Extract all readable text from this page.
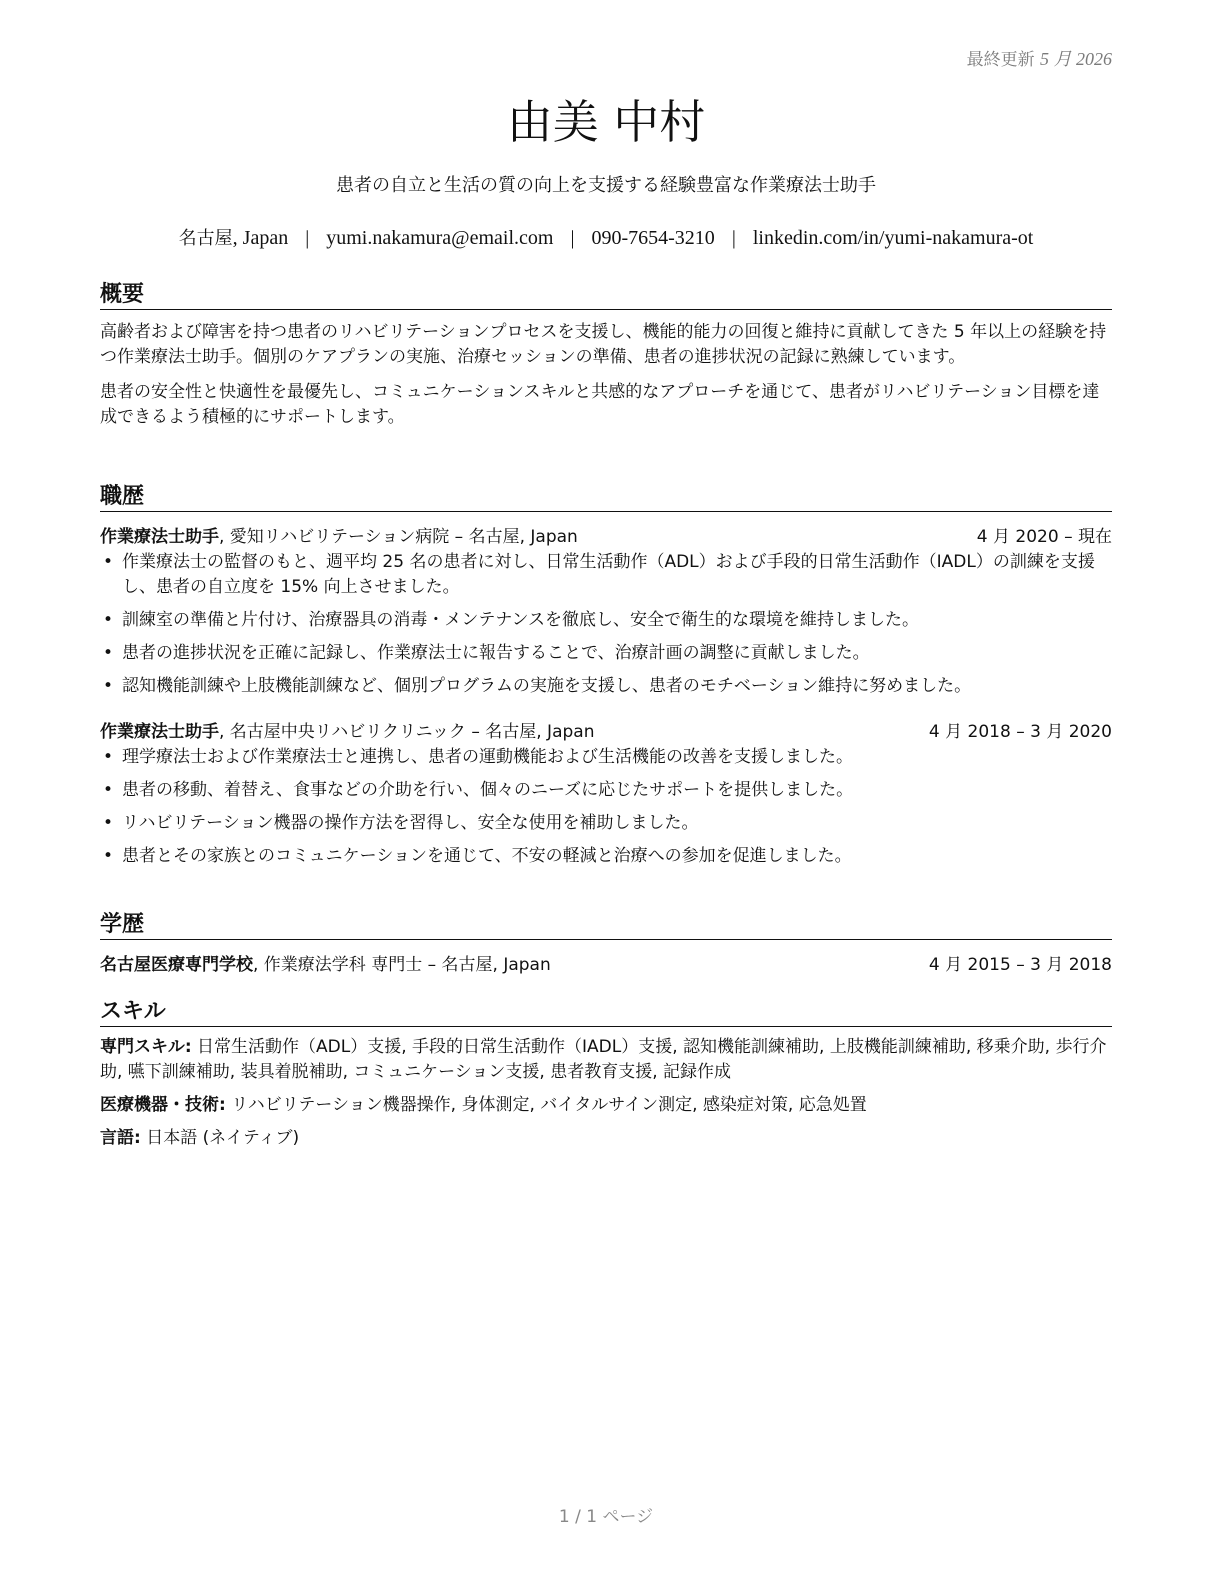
最終更新 5 月 2026
由美 中村
患者の自立と生活の質の向上を支援する経験豊富な作業療法士助手
名古屋, Japan | yumi.nakamura@email.com | 090-7654-3210 | linkedin.com/in/yumi-nakamura-ot
概要

高齢者および障害を持つ患者のリハビリテーションプロセスを支援し、機能的能力の回復と維持に貢献してきた 5 年以上の経験を持つ作業療法士助手。個別のケアプランの実施、治療セッションの準備、患者の進捗状況の記録に熟練しています。

患者の安全性と快適性を最優先し、コミュニケーションスキルと共感的なアプローチを通じて、患者がリハビリテーション目標を達成できるよう積極的にサポートします。

職歴
作業療法士助手, 愛知リハビリテーション病院 – 名古屋, Japan	4 月 2020 – 現在
• 作業療法士の監督のもと、週平均 25 名の患者に対し、日常生活動作（ADL）および手段的日常生活動作（IADL）の訓練を支援し、患者の自立度を 15% 向上させました。
• 訓練室の準備と片付け、治療器具の消毒・メンテナンスを徹底し、安全で衛生的な環境を維持しました。
• 患者の進捗状況を正確に記録し、作業療法士に報告することで、治療計画の調整に貢献しました。
• 認知機能訓練や上肢機能訓練など、個別プログラムの実施を支援し、患者のモチベーション維持に努めました。
作業療法士助手, 名古屋中央リハビリクリニック – 名古屋, Japan	4 月 2018 – 3 月 2020
• 理学療法士および作業療法士と連携し、患者の運動機能および生活機能の改善を支援しました。
• 患者の移動、着替え、食事などの介助を行い、個々のニーズに応じたサポートを提供しました。
• リハビリテーション機器の操作方法を習得し、安全な使用を補助しました。
• 患者とその家族とのコミュニケーションを通じて、不安の軽減と治療への参加を促進しました。
学歴
名古屋医療専門学校, 作業療法学科 専門士 – 名古屋, Japan	4 月 2015 – 3 月 2018
スキル

専門スキル: 日常生活動作（ADL）支援, 手段的日常生活動作（IADL）支援, 認知機能訓練補助, 上肢機能訓練補助, 移乗介助, 歩行介助, 嚥下訓練補助, 装具着脱補助, コミュニケーション支援, 患者教育支援, 記録作成

医療機器・技術: リハビリテーション機器操作, 身体測定, バイタルサイン測定, 感染症対策, 応急処置

言語: 日本語 (ネイティブ)

1 / 1 ページ
